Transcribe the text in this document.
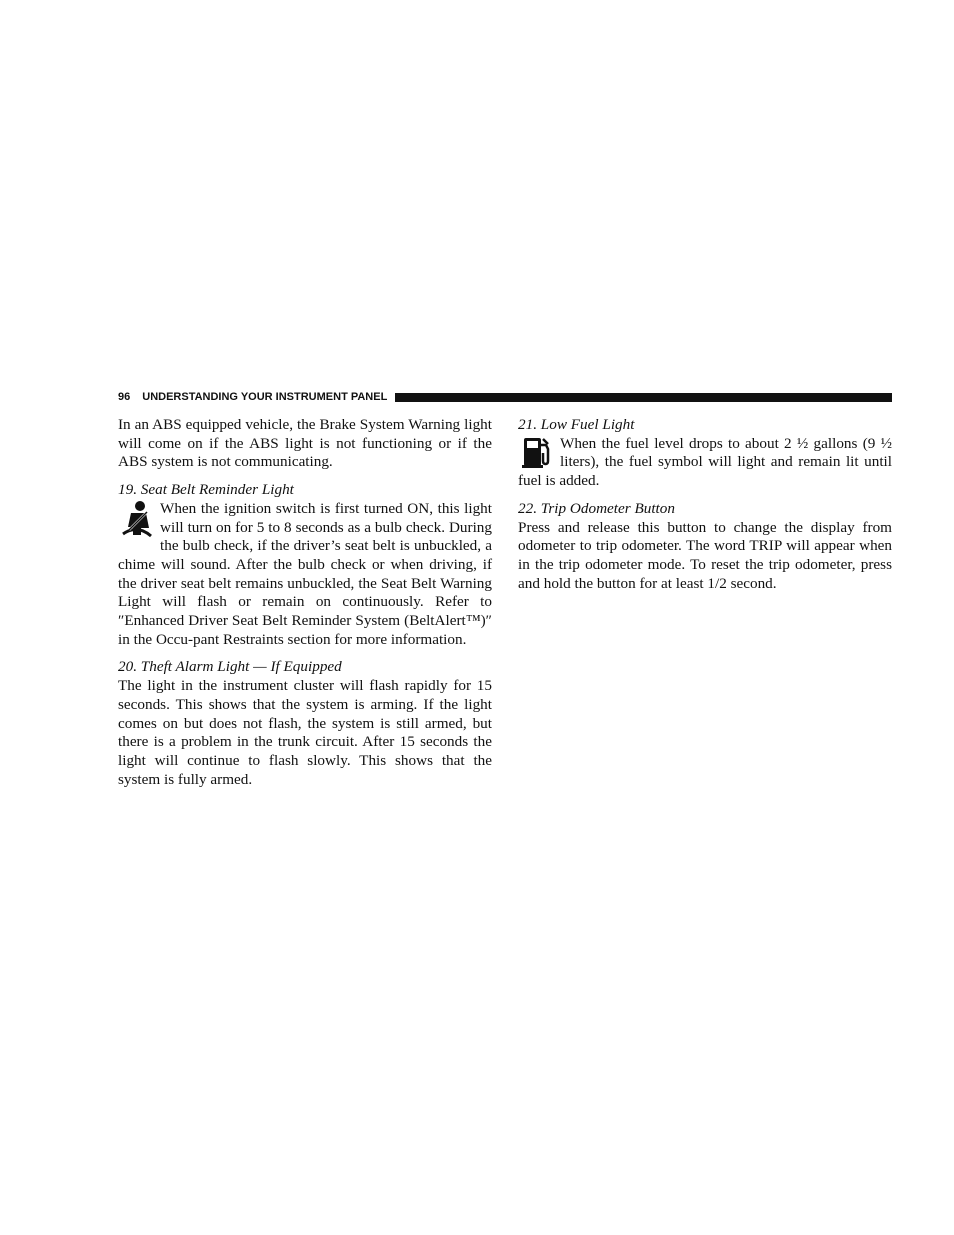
96 UNDERSTANDING YOUR INSTRUMENT PANEL

In an ABS equipped vehicle, the Brake System Warning light will come on if the ABS light is not functioning or if the ABS system is not communicating.

19. Seat Belt Reminder Light

When the ignition switch is first turned ON, this light will turn on for 5 to 8 seconds as a bulb check. During the bulb check, if the driver’s seat belt is unbuckled, a chime will sound. After the bulb check or when driving, if the driver seat belt remains unbuckled, the Seat Belt Warning Light will flash or remain on continuously. Refer to ″Enhanced Driver Seat Belt Reminder System (BeltAlert™)″ in the Occu-pant Restraints section for more information.

20. Theft Alarm Light — If Equipped

The light in the instrument cluster will flash rapidly for 15 seconds. This shows that the system is arming. If the light comes on but does not flash, the system is still armed, but there is a problem in the trunk circuit. After 15 seconds the light will continue to flash slowly. This shows that the system is fully armed.

21. Low Fuel Light

When the fuel level drops to about 2 ½ gallons (9 ½ liters), the fuel symbol will light and remain lit until fuel is added.

22. Trip Odometer Button

Press and release this button to change the display from odometer to trip odometer. The word TRIP will appear when in the trip odometer mode. To reset the trip odometer, press and hold the button for at least 1/2 second.
